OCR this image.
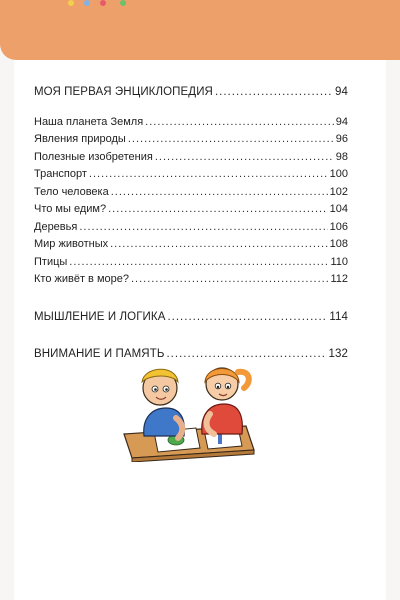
МОЯ ПЕРВАЯ ЭНЦИКЛОПЕДИЯ .....	94
Наша планета Земля .....	94
Явления природы .....	96
Полезные изобретения .....	98
Транспорт .....	100
Тело человека .....	102
Что мы едим? .....	104
Деревья .....	106
Мир животных .....	108
Птицы .....	110
Кто живёт в море? .....	112
МЫШЛЕНИЕ И ЛОГИКА .....	114
ВНИМАНИЕ И ПАМЯТЬ .....	132
